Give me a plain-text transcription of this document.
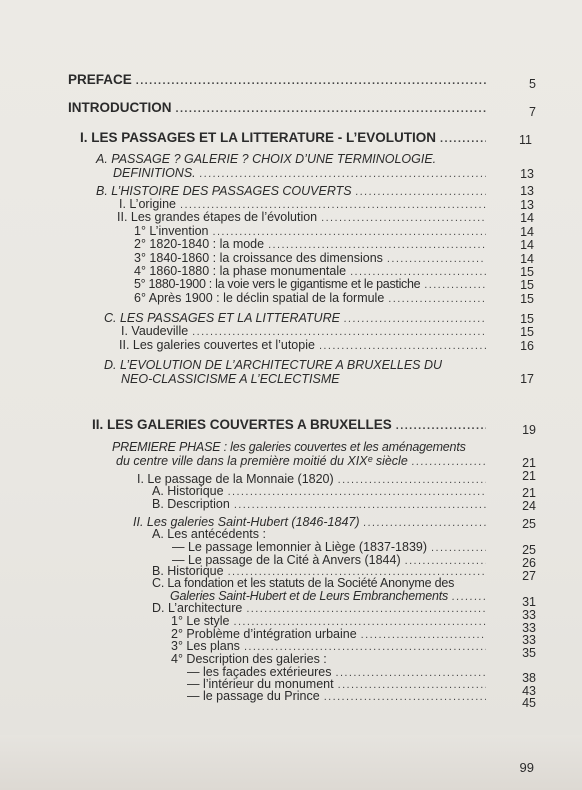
PREFACE .....	5
INTRODUCTION .....	7
I. LES PASSAGES ET LA LITTERATURE - L’EVOLUTION .....	11
A. PASSAGE ? GALERIE ? CHOIX D’UNE TERMINOLOGIE.
DEFINITIONS. .....	13
B. L’HISTOIRE DES PASSAGES COUVERTS .....	13
I. L’origine .....	13
II. Les grandes étapes de l’évolution .....	14
1° L’invention .....	14
2° 1820-1840 : la mode .....	14
3° 1840-1860 : la croissance des dimensions .....	14
4° 1860-1880 : la phase monumentale .....	15
5° 1880-1900 : la voie vers le gigantisme et le pastiche .....	15
6° Après 1900 : le déclin spatial de la formule .....	15
C. LES PASSAGES ET LA LITTERATURE .....	15
I. Vaudeville .....	15
II. Les galeries couvertes et l’utopie .....	16
D. L’EVOLUTION DE L’ARCHITECTURE A BRUXELLES DU
NEO-CLASSICISME A L’ECLECTISME	17
II. LES GALERIES COUVERTES A BRUXELLES .....	19
PREMIERE PHASE : les galeries couvertes et les aménagements
du centre ville dans la première moitié du XIXᵉ siècle .....	21
I. Le passage de la Monnaie (1820) .....	21
A. Historique .....	21
B. Description .....	24
II. Les galeries Saint-Hubert (1846-1847) .....	25
A. Les antécédents :
— Le passage lemonnier à Liège (1837-1839) .....	25
— Le passage de la Cité à Anvers (1844) .....	26
B. Historique .....	27
C. La fondation et les statuts de la Société Anonyme des
Galeries Saint-Hubert et de Leurs Embranchements .....	31
D. L’architecture .....	33
1° Le style .....	33
2° Problème d’intégration urbaine .....	33
3° Les plans .....	35
4° Description des galeries :
— les façades extérieures .....	38
— l’intérieur du monument .....	43
— le passage du Prince .....	45
99
